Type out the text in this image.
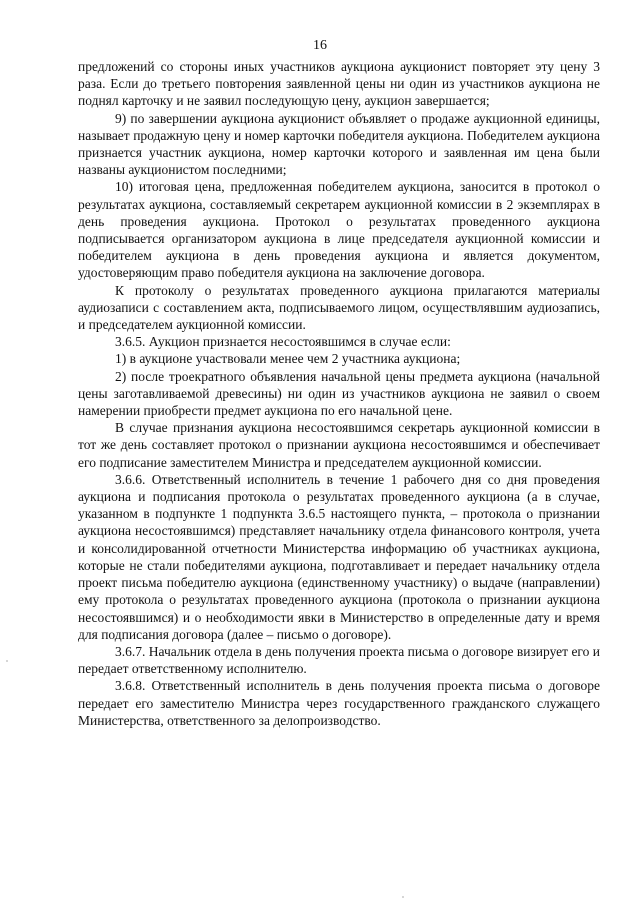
16

предложений со стороны иных участников аукциона аукционист повторяет эту цену 3 раза. Если до третьего повторения заявленной цены ни один из участников аукциона не поднял карточку и не заявил последующую цену, аукцион завершается;

9) по завершении аукциона аукционист объявляет о продаже аукционной единицы, называет продажную цену и номер карточки победителя аукциона. Победителем аукциона признается участник аукциона, номер карточки которого и заявленная им цена были названы аукционистом последними;

10) итоговая цена, предложенная победителем аукциона, заносится в протокол о результатах аукциона, составляемый секретарем аукционной комиссии в 2 экземплярах в день проведения аукциона. Протокол о результатах проведенного аукциона подписывается организатором аукциона в лице председателя аукционной комиссии и победителем аукциона в день проведения аукциона и является документом, удостоверяющим право победителя аукциона на заключение договора.

К протоколу о результатах проведенного аукциона прилагаются материалы аудиозаписи с составлением акта, подписываемого лицом, осуществлявшим аудиозапись, и председателем аукционной комиссии.

3.6.5. Аукцион признается несостоявшимся в случае если:

1) в аукционе участвовали менее чем 2 участника аукциона;

2) после троекратного объявления начальной цены предмета аукциона (начальной цены заготавливаемой древесины) ни один из участников аукциона не заявил о своем намерении приобрести предмет аукциона по его начальной цене.

В случае признания аукциона несостоявшимся секретарь аукционной комиссии в тот же день составляет протокол о признании аукциона несостоявшимся и обеспечивает его подписание заместителем Министра и председателем аукционной комиссии.

3.6.6. Ответственный исполнитель в течение 1 рабочего дня со дня проведения аукциона и подписания протокола о результатах проведенного аукциона (а в случае, указанном в подпункте 1 подпункта 3.6.5 настоящего пункта, – протокола о признании аукциона несостоявшимся) представляет начальнику отдела финансового контроля, учета и консолидированной отчетности Министерства информацию об участниках аукциона, которые не стали победителями аукциона, подготавливает и передает начальнику отдела проект письма победителю аукциона (единственному участнику) о выдаче (направлении) ему протокола о результатах проведенного аукциона (протокола о признании аукциона несостоявшимся) и о необходимости явки в Министерство в определенные дату и время для подписания договора (далее – письмо о договоре).

3.6.7. Начальник отдела в день получения проекта письма о договоре визирует его и передает ответственному исполнителю.

3.6.8. Ответственный исполнитель в день получения проекта письма о договоре передает его заместителю Министра через государственного гражданского служащего Министерства, ответственного за делопроизводство.
